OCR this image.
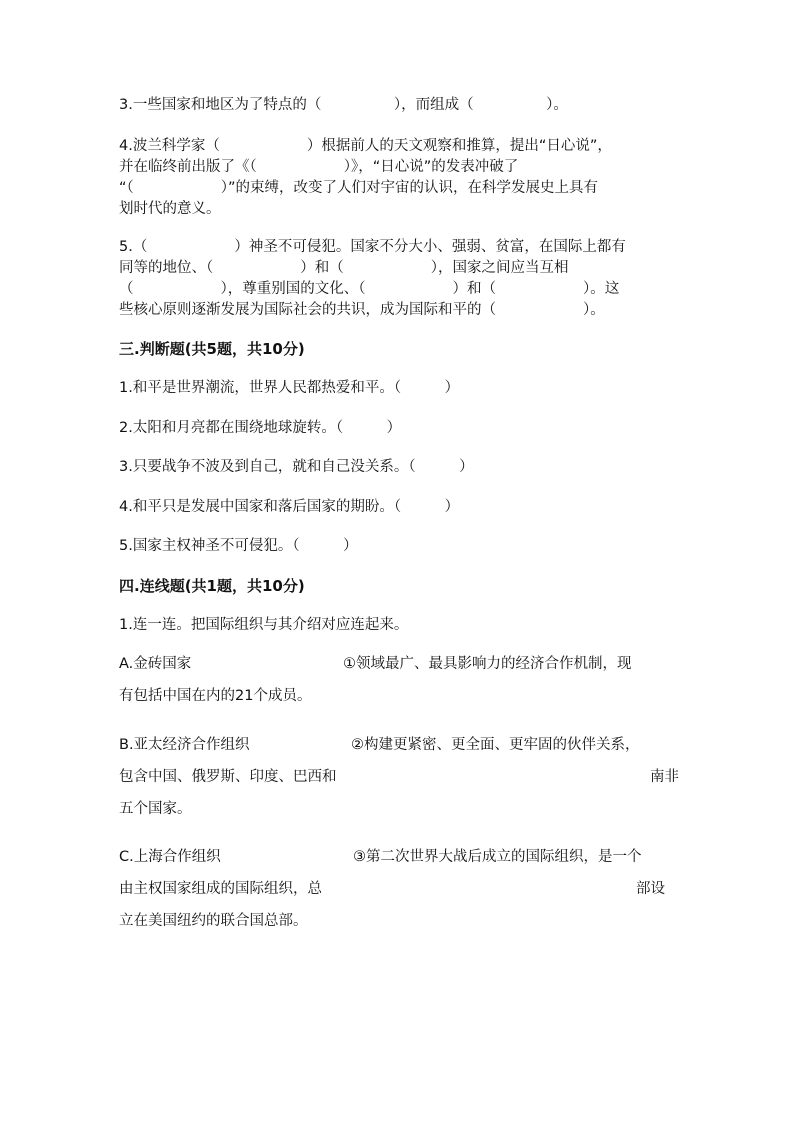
3.一些国家和地区为了特点的（　　　　　），而组成（　　　　　）。
4.波兰科学家（　　　　　　）根据前人的天文观察和推算，提出“日心说”，
并在临终前出版了《（　　　　　　）》，“日心说”的发表冲破了
“（　　　　　　）”的束缚，改变了人们对宇宙的认识，在科学发展史上具有
划时代的意义。
5.（　　　　　　）神圣不可侵犯。国家不分大小、强弱、贫富，在国际上都有
同等的地位、（　　　　　　）和（　　　　　　），国家之间应当互相
（　　　　　　），尊重别国的文化、（　　　　　　）和（　　　　　　）。这
些核心原则逐渐发展为国际社会的共识，成为国际和平的（　　　　　　）。
三.判断题(共5题，共10分)
1.和平是世界潮流，世界人民都热爱和平。（　　　）
2.太阳和月亮都在围绕地球旋转。（　　　）
3.只要战争不波及到自己，就和自己没关系。（　　　）
4.和平只是发展中国家和落后国家的期盼。（　　　）
5.国家主权神圣不可侵犯。（　　　）
四.连线题(共1题，共10分)
1.连一连。把国际组织与其介绍对应连起来。
A.金砖国家	①领域最广、最具影响力的经济合作机制，现
有包括中国在内的21个成员。
B.亚太经济合作组织	②构建更紧密、更全面、更牢固的伙伴关系，
包含中国、俄罗斯、印度、巴西和	南非
五个国家。
C.上海合作组织	③第二次世界大战后成立的国际组织，是一个
由主权国家组成的国际组织，总	部设
立在美国纽约的联合国总部。
